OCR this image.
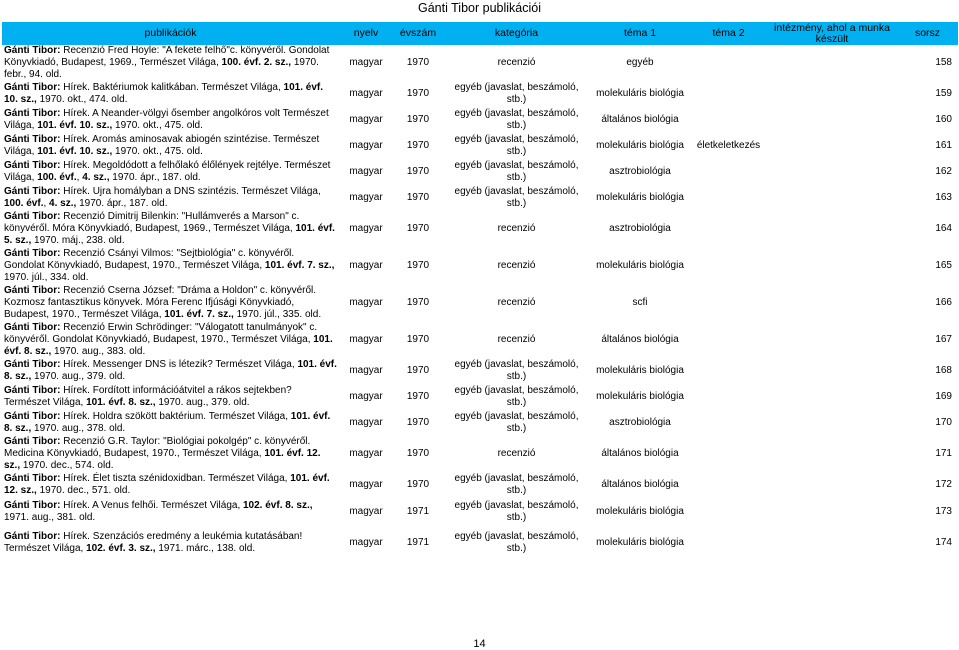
Gánti Tibor publikációi
publikációk	nyelv	évszám	kategória	téma 1	téma 2	intézmény, ahol a munka készült	sorsz
Gánti Tibor: Recenzió Fred Hoyle: "A fekete felhő"c. könyvéről. Gondolat Könyvkiadó, Budapest, 1969., Természet Világa, 100. évf. 2. sz., 1970. febr., 94. old.	magyar	1970	recenzió	egyéb			158
Gánti Tibor: Hírek. Baktériumok kalitkában. Természet Világa, 101. évf. 10. sz., 1970. okt., 474. old.	magyar	1970	egyéb (javaslat, beszámoló, stb.)	molekuláris biológia			159
Gánti Tibor: Hírek. A Neander-völgyi ősember angolkóros volt Természet Világa, 101. évf. 10. sz., 1970. okt., 475. old.	magyar	1970	egyéb (javaslat, beszámoló, stb.)	általános biológia			160
Gánti Tibor: Hírek. Aromás aminosavak abiogén szintézise. Természet Világa, 101. évf. 10. sz., 1970. okt., 475. old.	magyar	1970	egyéb (javaslat, beszámoló, stb.)	molekuláris biológia	életkeletkezés		161
Gánti Tibor: Hírek. Megoldódott a felhőlakó élőlények rejtélye. Természet Világa, 100. évf., 4. sz., 1970. ápr., 187. old.	magyar	1970	egyéb (javaslat, beszámoló, stb.)	asztrobiológia			162
Gánti Tibor: Hírek. Ujra homályban a DNS szintézis. Természet Világa, 100. évf., 4. sz., 1970. ápr., 187. old.	magyar	1970	egyéb (javaslat, beszámoló, stb.)	molekuláris biológia			163
Gánti Tibor: Recenzió Dimitrij Bilenkin: "Hullámverés a Marson" c. könyvéről. Móra Könyvkiadó, Budapest, 1969., Természet Világa, 101. évf. 5. sz., 1970. máj., 238. old.	magyar	1970	recenzió	asztrobiológia			164
Gánti Tibor: Recenzió Csányi Vilmos: "Sejtbiológia" c. könyvéről. Gondolat Könyvkiadó, Budapest, 1970., Természet Világa, 101. évf. 7. sz., 1970. júl., 334. old.	magyar	1970	recenzió	molekuláris biológia			165
Gánti Tibor: Recenzió Cserna József: "Dráma a Holdon" c. könyvéről. Kozmosz fantasztikus könyvek. Móra Ferenc Ifjúsági Könyvkiadó, Budapest, 1970., Természet Világa, 101. évf. 7. sz., 1970. júl., 335. old.	magyar	1970	recenzió	scfi			166
Gánti Tibor: Recenzió Erwin Schrödinger: "Válogatott tanulmányok" c. könyvéről. Gondolat Könyvkiadó, Budapest, 1970., Természet Világa, 101. évf. 8. sz., 1970. aug., 383. old.	magyar	1970	recenzió	általános biológia			167
Gánti Tibor: Hírek. Messenger DNS is létezik? Természet Világa, 101. évf. 8. sz., 1970. aug., 379. old.	magyar	1970	egyéb (javaslat, beszámoló, stb.)	molekuláris biológia			168
Gánti Tibor: Hírek. Fordított információátvitel a rákos sejtekben? Természet Világa, 101. évf. 8. sz., 1970. aug., 379. old.	magyar	1970	egyéb (javaslat, beszámoló, stb.)	molekuláris biológia			169
Gánti Tibor: Hírek. Holdra szökött baktérium. Természet Világa, 101. évf. 8. sz., 1970. aug., 378. old.	magyar	1970	egyéb (javaslat, beszámoló, stb.)	asztrobiológia			170
Gánti Tibor: Recenzió G.R. Taylor: "Biológiai pokolgép" c. könyvéről. Medicina Könyvkiadó, Budapest, 1970., Természet Világa, 101. évf. 12. sz., 1970. dec., 574. old.	magyar	1970	recenzió	általános biológia			171
Gánti Tibor: Hírek. Élet tiszta szénidoxidban. Természet Világa, 101. évf. 12. sz., 1970. dec., 571. old.	magyar	1970	egyéb (javaslat, beszámoló, stb.)	általános biológia			172
Gánti Tibor: Hírek. A Venus felhői. Természet Világa, 102. évf. 8. sz., 1971. aug., 381. old.	magyar	1971	egyéb (javaslat, beszámoló, stb.)	molekuláris biológia			173
Gánti Tibor: Hírek. Szenzációs eredmény a leukémia kutatásában! Természet Világa, 102. évf. 3. sz., 1971. márc., 138. old.	magyar	1971	egyéb (javaslat, beszámoló, stb.)	molekuláris biológia			174
14
